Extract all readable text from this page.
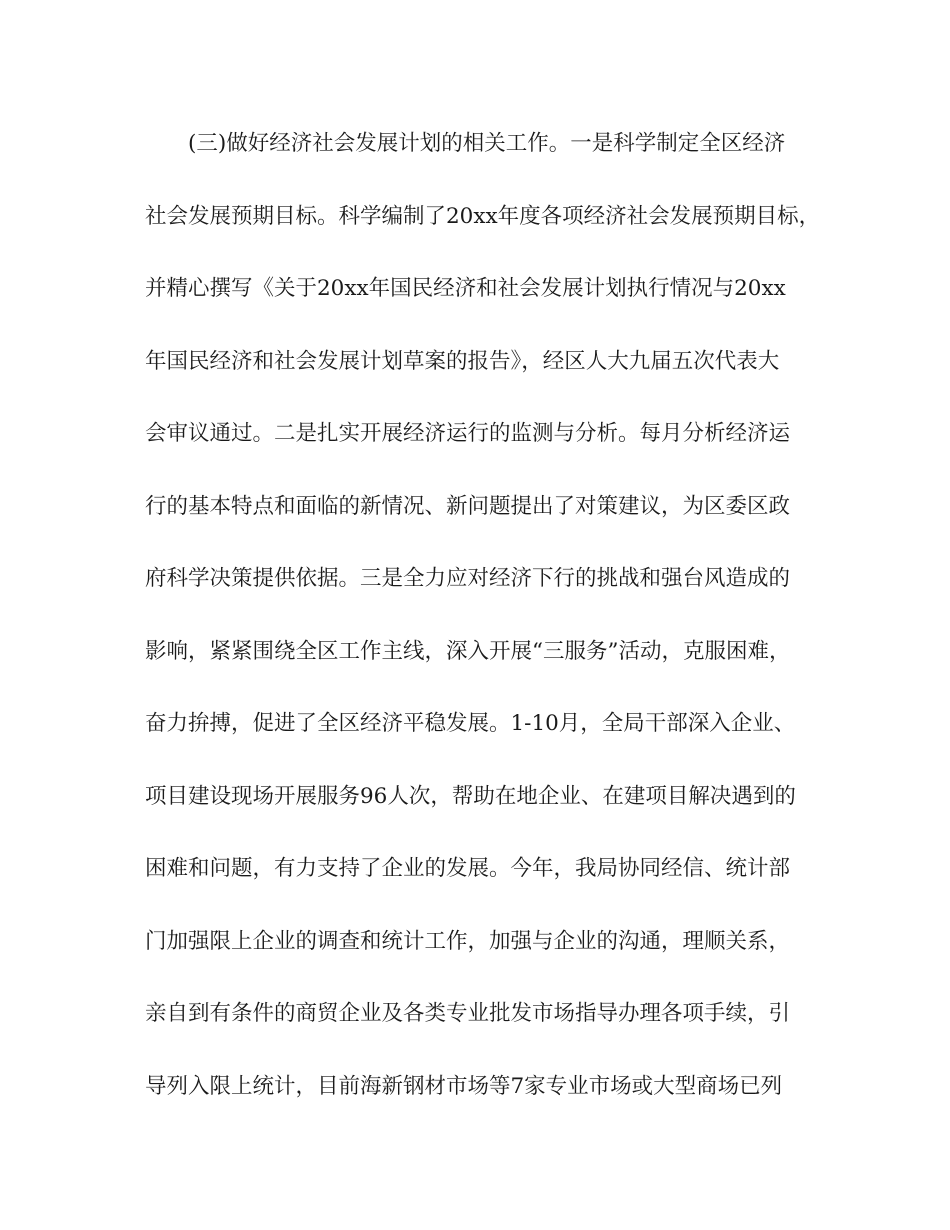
(三)做好经济社会发展计划的相关工作。一是科学制定全区经济
社会发展预期目标。科学编制了20xx年度各项经济社会发展预期目标，
并精心撰写《关于20xx年国民经济和社会发展计划执行情况与20xx
年国民经济和社会发展计划草案的报告》，经区人大九届五次代表大
会审议通过。二是扎实开展经济运行的监测与分析。每月分析经济运
行的基本特点和面临的新情况、新问题提出了对策建议，为区委区政
府科学决策提供依据。三是全力应对经济下行的挑战和强台风造成的
影响，紧紧围绕全区工作主线，深入开展“三服务”活动，克服困难，
奋力拚搏，促进了全区经济平稳发展。1-10月，全局干部深入企业、
项目建设现场开展服务96人次，帮助在地企业、在建项目解决遇到的
困难和问题，有力支持了企业的发展。今年，我局协同经信、统计部
门加强限上企业的调查和统计工作，加强与企业的沟通，理顺关系，
亲自到有条件的商贸企业及各类专业批发市场指导办理各项手续，引
导列入限上统计，目前海新钢材市场等7家专业市场或大型商场已列
